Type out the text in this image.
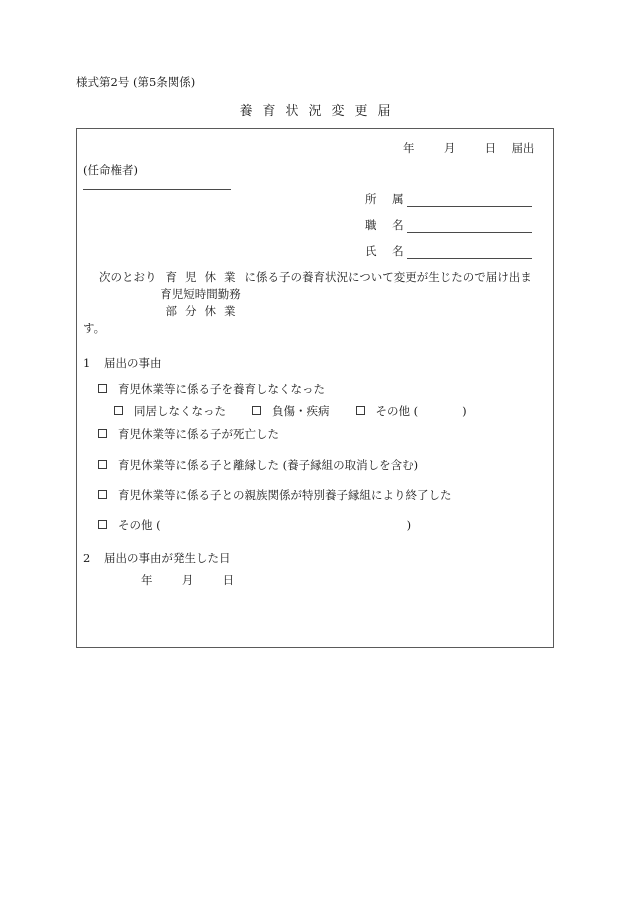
様式第2号 (第5条関係)
養育状況変更届
年	月	日 届出
(任命権者)
所 属
職 名
氏 名
次のとおり 育児休業
育児短時間勤務
部分休業
に係る子の養育状況について変更が生じたので届け出ま
す。
1 届出の事由
育児休業等に係る子を養育しなくなった
同居しなくなった	負傷・疾病	その他 (	)
育児休業等に係る子が死亡した
育児休業等に係る子と離縁した (養子縁組の取消しを含む)
育児休業等に係る子との親族関係が特別養子縁組により終了した
その他 (	)
2 届出の事由が発生した日
年	月	日
